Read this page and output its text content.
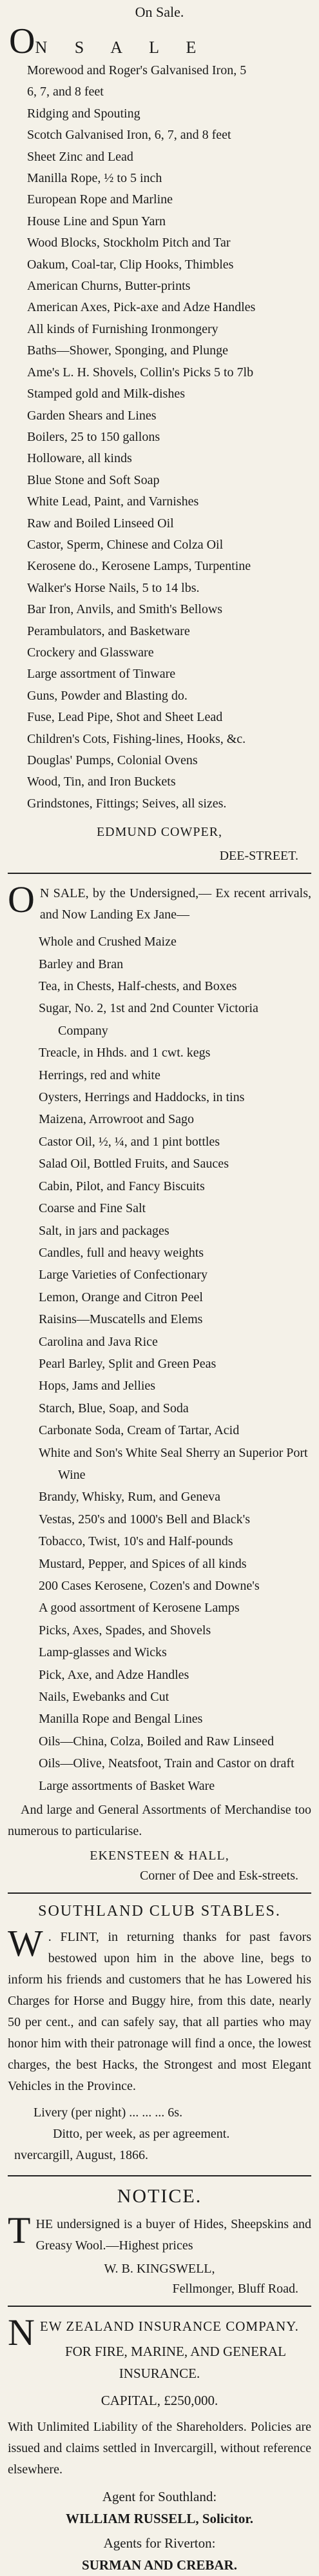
On Sale.
ON S A L E
Morewood and Roger's Galvanised Iron, 5
6, 7, and 8 feet
Ridging and Spouting
Scotch Galvanised Iron, 6, 7, and 8 feet
Sheet Zinc and Lead
Manilla Rope, ½ to 5 inch
European Rope and Marline
House Line and Spun Yarn
Wood Blocks, Stockholm Pitch and Tar
Oakum, Coal-tar, Clip Hooks, Thimbles
American Churns, Butter-prints
American Axes, Pick-axe and Adze Handles
All kinds of Furnishing Ironmongery
Baths—Shower, Sponging, and Plunge
Ame's L. H. Shovels, Collin's Picks 5 to 7lb
Stamped gold and Milk-dishes
Garden Shears and Lines
Boilers, 25 to 150 gallons
Holloware, all kinds
Blue Stone and Soft Soap
White Lead, Paint, and Varnishes
Raw and Boiled Linseed Oil
Castor, Sperm, Chinese and Colza Oil
Kerosene do., Kerosene Lamps, Turpentine
Walker's Horse Nails, 5 to 14 lbs.
Bar Iron, Anvils, and Smith's Bellows
Perambulators, and Basketware
Crockery and Glassware
Large assortment of Tinware
Guns, Powder and Blasting do.
Fuse, Lead Pipe, Shot and Sheet Lead
Children's Cots, Fishing-lines, Hooks, &c.
Douglas' Pumps, Colonial Ovens
Wood, Tin, and Iron Buckets
Grindstones, Fittings; Seives, all sizes.
EDMUND COWPER,
DEE-STREET.
O N SALE, by the Undersigned,— Ex recent arrivals, and Now Landing Ex Jane—
Whole and Crushed Maize
Barley and Bran
Tea, in Chests, Half-chests, and Boxes
Sugar, No. 2, 1st and 2nd Counter Victoria Company
Treacle, in Hhds. and 1 cwt. kegs
Herrings, red and white
Oysters, Herrings and Haddocks, in tins
Maizena, Arrowroot and Sago
Castor Oil, ½, ¼, and 1 pint bottles
Salad Oil, Bottled Fruits, and Sauces
Cabin, Pilot, and Fancy Biscuits
Coarse and Fine Salt
Salt, in jars and packages
Candles, full and heavy weights
Large Varieties of Confectionary
Lemon, Orange and Citron Peel
Raisins—Muscatells and Elems
Carolina and Java Rice
Pearl Barley, Split and Green Peas
Hops, Jams and Jellies
Starch, Blue, Soap, and Soda
Carbonate Soda, Cream of Tartar, Acid
White and Son's White Seal Sherry an Superior Port Wine
Brandy, Whisky, Rum, and Geneva
Vestas, 250's and 1000's Bell and Black's
Tobacco, Twist, 10's and Half-pounds
Mustard, Pepper, and Spices of all kinds
200 Cases Kerosene, Cozen's and Downe's
A good assortment of Kerosene Lamps
Picks, Axes, Spades, and Shovels
Lamp-glasses and Wicks
Pick, Axe, and Adze Handles
Nails, Ewebanks and Cut
Manilla Rope and Bengal Lines
Oils—China, Colza, Boiled and Raw Linseed
Oils—Olive, Neatsfoot, Train and Castor on draft
Large assortments of Basket Ware
And large and General Assortments of Merchandise too numerous to particularise.
EKENSTEEN & HALL,
Corner of Dee and Esk-streets.
SOUTHLAND CLUB STABLES.
W . FLINT, in returning thanks for past favors bestowed upon him in the above line, begs to inform his friends and customers that he has Lowered his Charges for Horse and Buggy hire, from this date, nearly 50 per cent., and can safely say, that all parties who may honor him with their patronage will find a once, the lowest charges, the best Hacks, the Strongest and most Elegant Vehicles in the Province.
Livery (per night) ... ... ... 6s.
Ditto, per week, as per agreement.
nvercargill, August, 1866.
NOTICE.
THE undersigned is a buyer of Hides, Sheepskins and Greasy Wool.—Highest prices
W. B. KINGSWELL,
Fellmonger, Bluff Road.
NEW ZEALAND INSURANCE COMPANY.
FOR FIRE, MARINE, AND GENERAL INSURANCE.
CAPITAL, £250,000.
With Unlimited Liability of the Shareholders. Policies are issued and claims settled in Invercargill, without reference elsewhere.
Agent for Southland:
WILLIAM RUSSELL, Solicitor.
Agents for Riverton:
SURMAN AND CREBAR.
